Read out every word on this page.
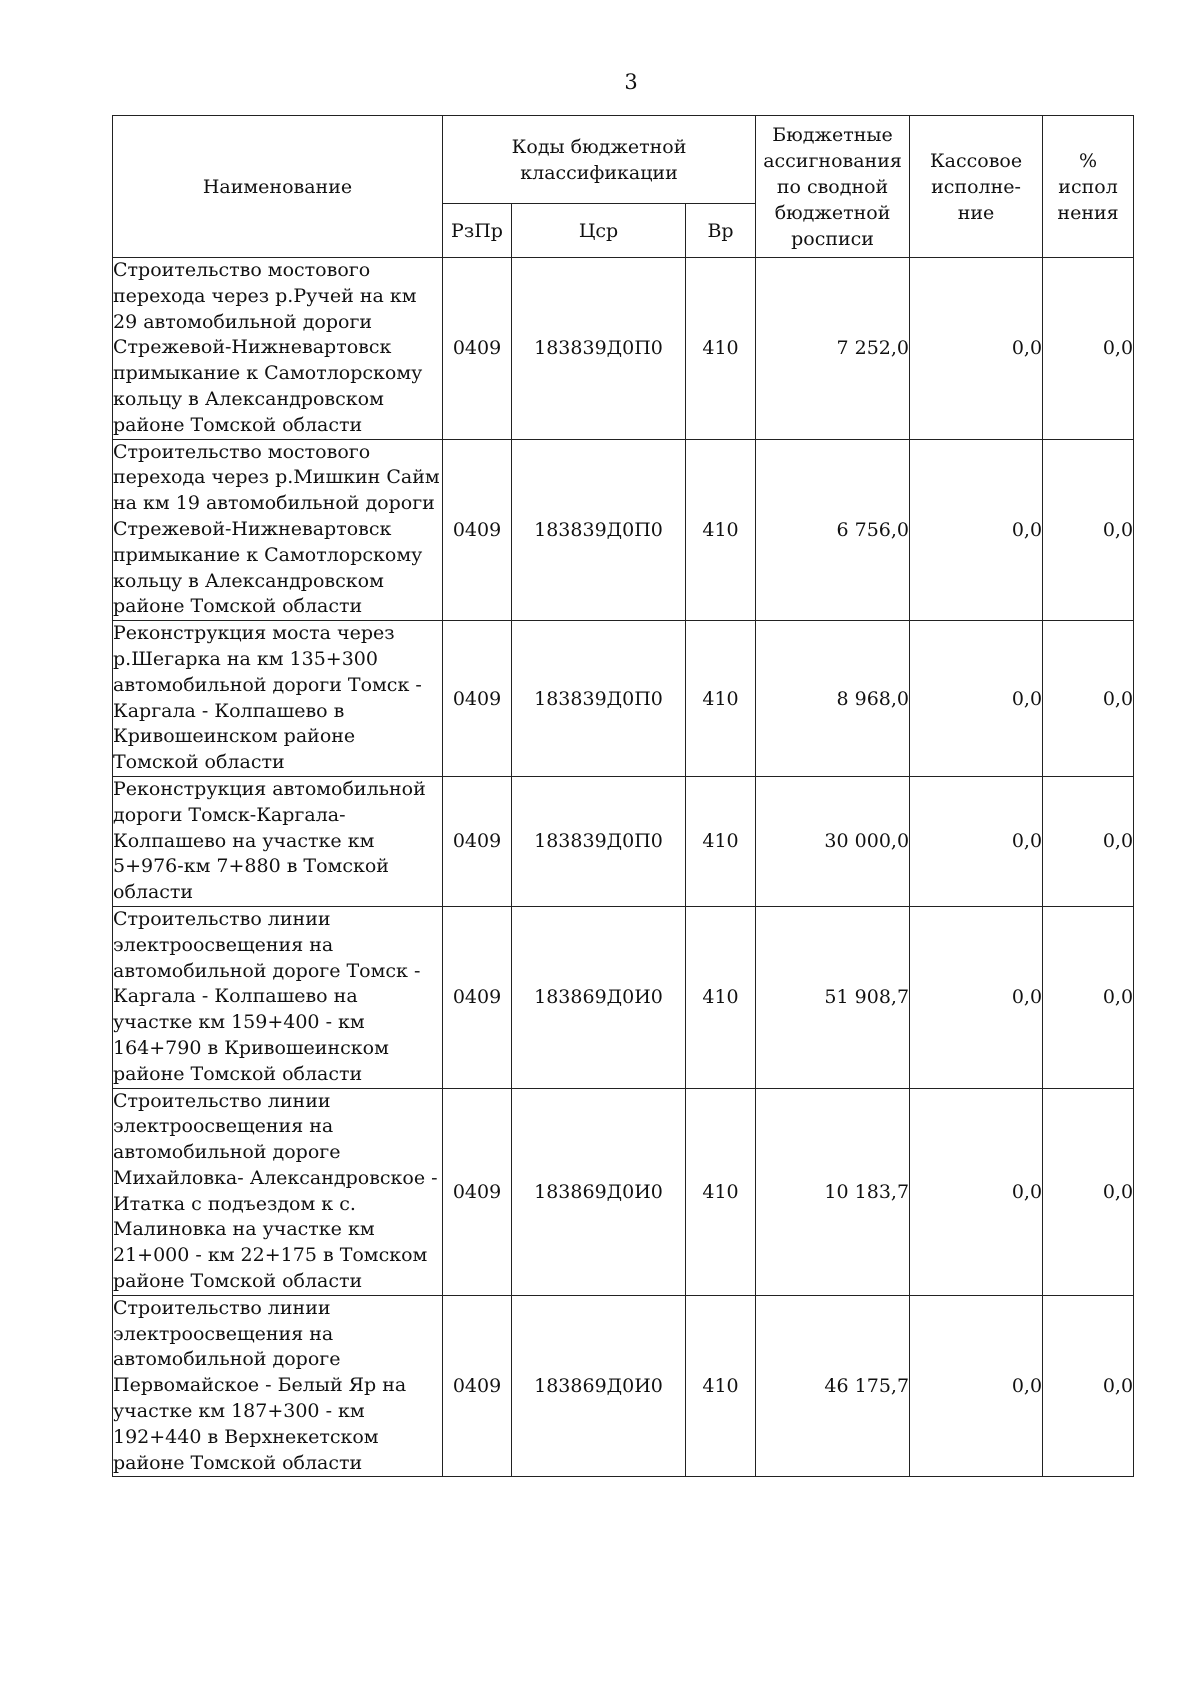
3
Наименование	Коды бюджетной классификации			Бюджетные ассигнования по сводной бюджетной росписи	Кассовое исполне-ние	% испол нения
	РзПр	Цср	Вр			
Строительство мостового перехода через р.Ручей на км 29 автомобильной дороги Стрежевой-Нижневартовск примыкание к Самотлорскому кольцу в Александровском районе Томской области	0409	183839Д0П0	410	7 252,0	0,0	0,0
Строительство мостового перехода через р.Мишкин Сайм на км 19 автомобильной дороги Стрежевой-Нижневартовск примыкание к Самотлорскому кольцу в Александровском районе Томской области	0409	183839Д0П0	410	6 756,0	0,0	0,0
Реконструкция моста через р.Шегарка на км 135+300 автомобильной дороги Томск - Каргала - Колпашево в Кривошеинском районе Томской области	0409	183839Д0П0	410	8 968,0	0,0	0,0
Реконструкция автомобильной дороги Томск-Каргала-Колпашево на участке км 5+976-км 7+880 в Томской области	0409	183839Д0П0	410	30 000,0	0,0	0,0
Строительство линии электроосвещения на автомобильной дороге Томск - Каргала - Колпашево на участке км 159+400 - км 164+790 в Кривошеинском районе Томской области	0409	183869Д0И0	410	51 908,7	0,0	0,0
Строительство линии электроосвещения на автомобильной дороге Михайловка- Александровское - Итатка с подъездом к с. Малиновка на участке км 21+000 - км 22+175 в Томском районе Томской области	0409	183869Д0И0	410	10 183,7	0,0	0,0
Строительство линии электроосвещения на автомобильной дороге Первомайское - Белый Яр на участке км 187+300 - км 192+440 в Верхнекетском районе Томской области	0409	183869Д0И0	410	46 175,7	0,0	0,0
